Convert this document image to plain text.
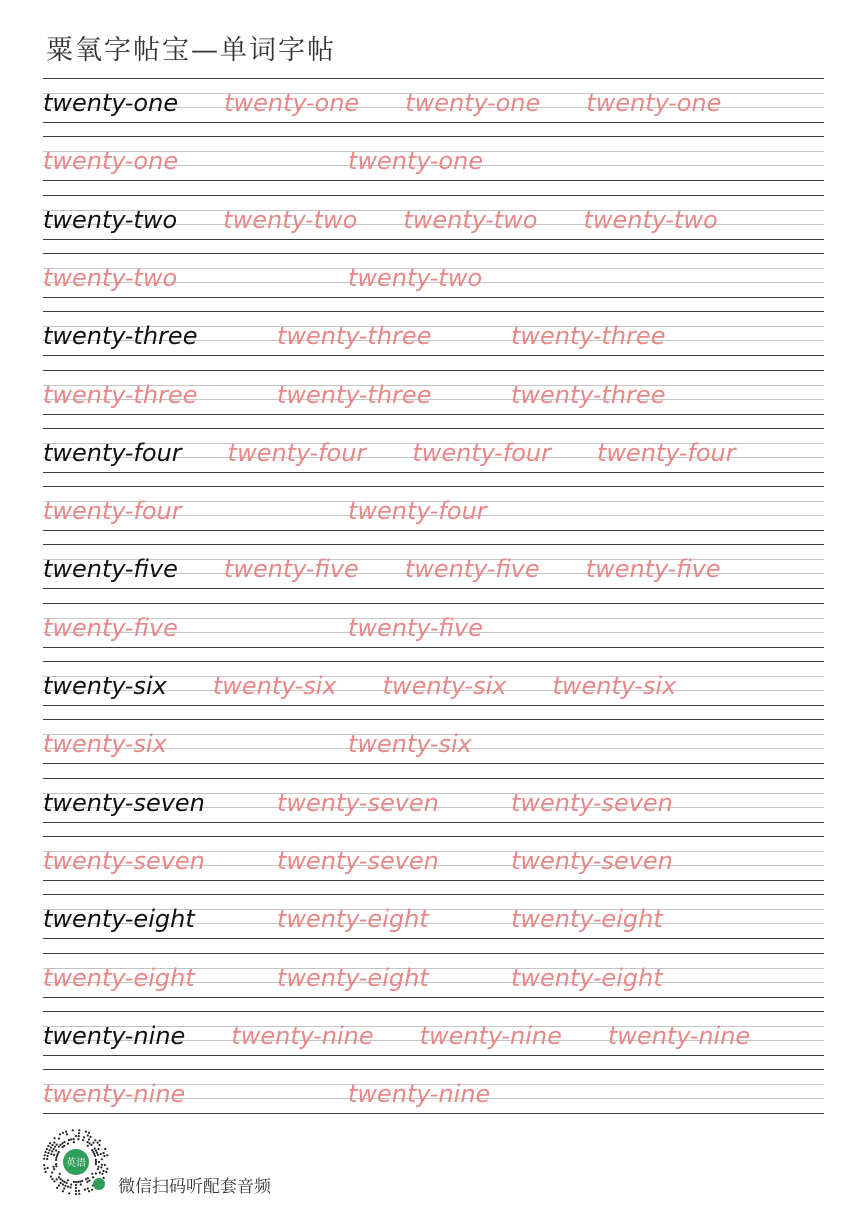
粟氧字帖宝—单词字帖
twenty-one twenty-one twenty-one twenty-one
twenty-one	twenty-one
twenty-two twenty-two twenty-two twenty-two
twenty-two	twenty-two
twenty-three	twenty-three	twenty-three
twenty-three	twenty-three	twenty-three
twenty-four twenty-four twenty-four twenty-four
twenty-four	twenty-four
twenty-five twenty-five twenty-five twenty-five
twenty-five	twenty-five
twenty-six twenty-six twenty-six twenty-six
twenty-six	twenty-six
twenty-seven	twenty-seven	twenty-seven
twenty-seven	twenty-seven	twenty-seven
twenty-eight	twenty-eight	twenty-eight
twenty-eight	twenty-eight	twenty-eight
twenty-nine twenty-nine twenty-nine twenty-nine
twenty-nine	twenty-nine
英语
微信扫码听配套音频
